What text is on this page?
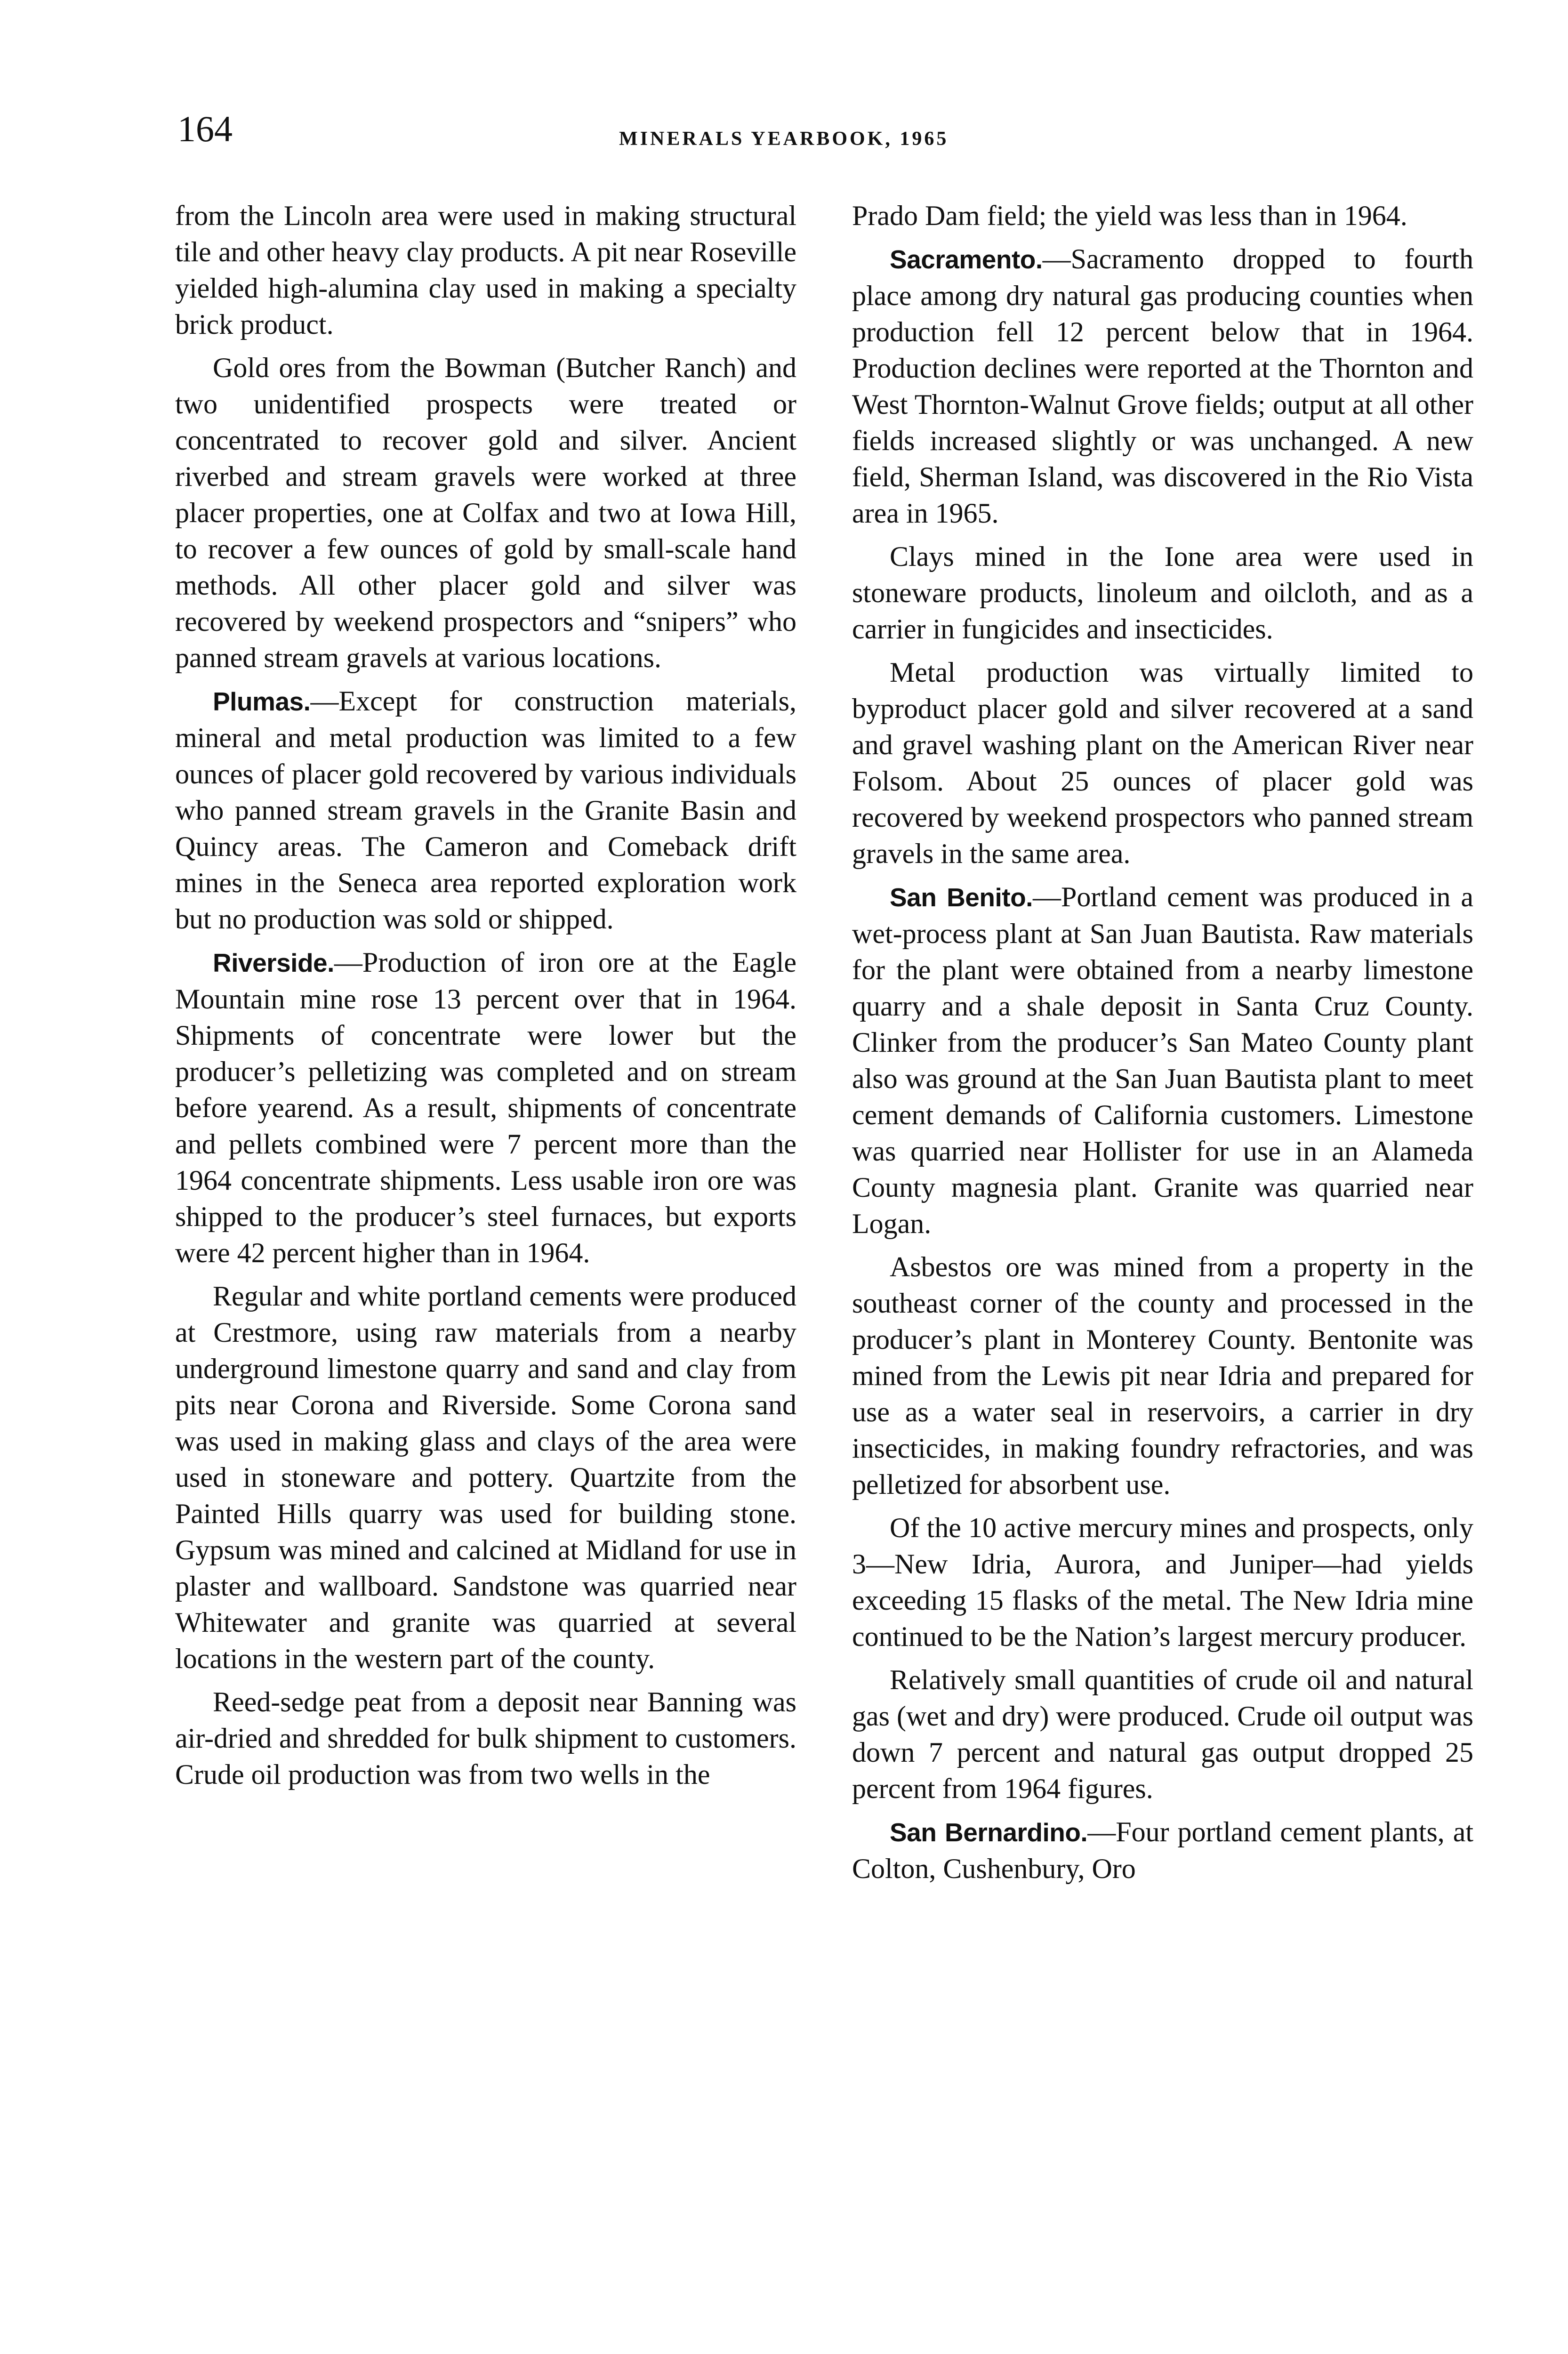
164	MINERALS YEARBOOK, 1965

from the Lincoln area were used in making structural tile and other heavy clay products. A pit near Roseville yielded high-alumina clay used in making a specialty brick product.

Gold ores from the Bowman (Butcher Ranch) and two unidentified prospects were treated or concentrated to recover gold and silver. Ancient riverbed and stream gravels were worked at three placer properties, one at Colfax and two at Iowa Hill, to recover a few ounces of gold by small-scale hand methods. All other placer gold and silver was recovered by weekend prospectors and “snipers” who panned stream gravels at various locations.

Plumas.—Except for construction materials, mineral and metal production was limited to a few ounces of placer gold recovered by various individuals who panned stream gravels in the Granite Basin and Quincy areas. The Cameron and Comeback drift mines in the Seneca area reported exploration work but no production was sold or shipped.

Riverside.—Production of iron ore at the Eagle Mountain mine rose 13 percent over that in 1964. Shipments of concentrate were lower but the producer’s pelletizing was completed and on stream before yearend. As a result, shipments of concentrate and pellets combined were 7 percent more than the 1964 concentrate shipments. Less usable iron ore was shipped to the producer’s steel furnaces, but exports were 42 percent higher than in 1964.

Regular and white portland cements were produced at Crestmore, using raw materials from a nearby underground limestone quarry and sand and clay from pits near Corona and Riverside. Some Corona sand was used in making glass and clays of the area were used in stoneware and pottery. Quartzite from the Painted Hills quarry was used for building stone. Gypsum was mined and calcined at Midland for use in plaster and wallboard. Sandstone was quarried near Whitewater and granite was quarried at several locations in the western part of the county.

Reed-sedge peat from a deposit near Banning was air-dried and shredded for bulk shipment to customers. Crude oil production was from two wells in the

Prado Dam field; the yield was less than in 1964.

Sacramento.—Sacramento dropped to fourth place among dry natural gas producing counties when production fell 12 percent below that in 1964. Production declines were reported at the Thornton and West Thornton-Walnut Grove fields; output at all other fields increased slightly or was unchanged. A new field, Sherman Island, was discovered in the Rio Vista area in 1965.

Clays mined in the Ione area were used in stoneware products, linoleum and oilcloth, and as a carrier in fungicides and insecticides.

Metal production was virtually limited to byproduct placer gold and silver recovered at a sand and gravel washing plant on the American River near Folsom. About 25 ounces of placer gold was recovered by weekend prospectors who panned stream gravels in the same area.

San Benito.—Portland cement was produced in a wet-process plant at San Juan Bautista. Raw materials for the plant were obtained from a nearby limestone quarry and a shale deposit in Santa Cruz County. Clinker from the producer’s San Mateo County plant also was ground at the San Juan Bautista plant to meet cement demands of California customers. Limestone was quarried near Hollister for use in an Alameda County magnesia plant. Granite was quarried near Logan.

Asbestos ore was mined from a property in the southeast corner of the county and processed in the producer’s plant in Monterey County. Bentonite was mined from the Lewis pit near Idria and prepared for use as a water seal in reservoirs, a carrier in dry insecticides, in making foundry refractories, and was pelletized for absorbent use.

Of the 10 active mercury mines and prospects, only 3—New Idria, Aurora, and Juniper—had yields exceeding 15 flasks of the metal. The New Idria mine continued to be the Nation’s largest mercury producer.

Relatively small quantities of crude oil and natural gas (wet and dry) were produced. Crude oil output was down 7 percent and natural gas output dropped 25 percent from 1964 figures.

San Bernardino.—Four portland cement plants, at Colton, Cushenbury, Oro
